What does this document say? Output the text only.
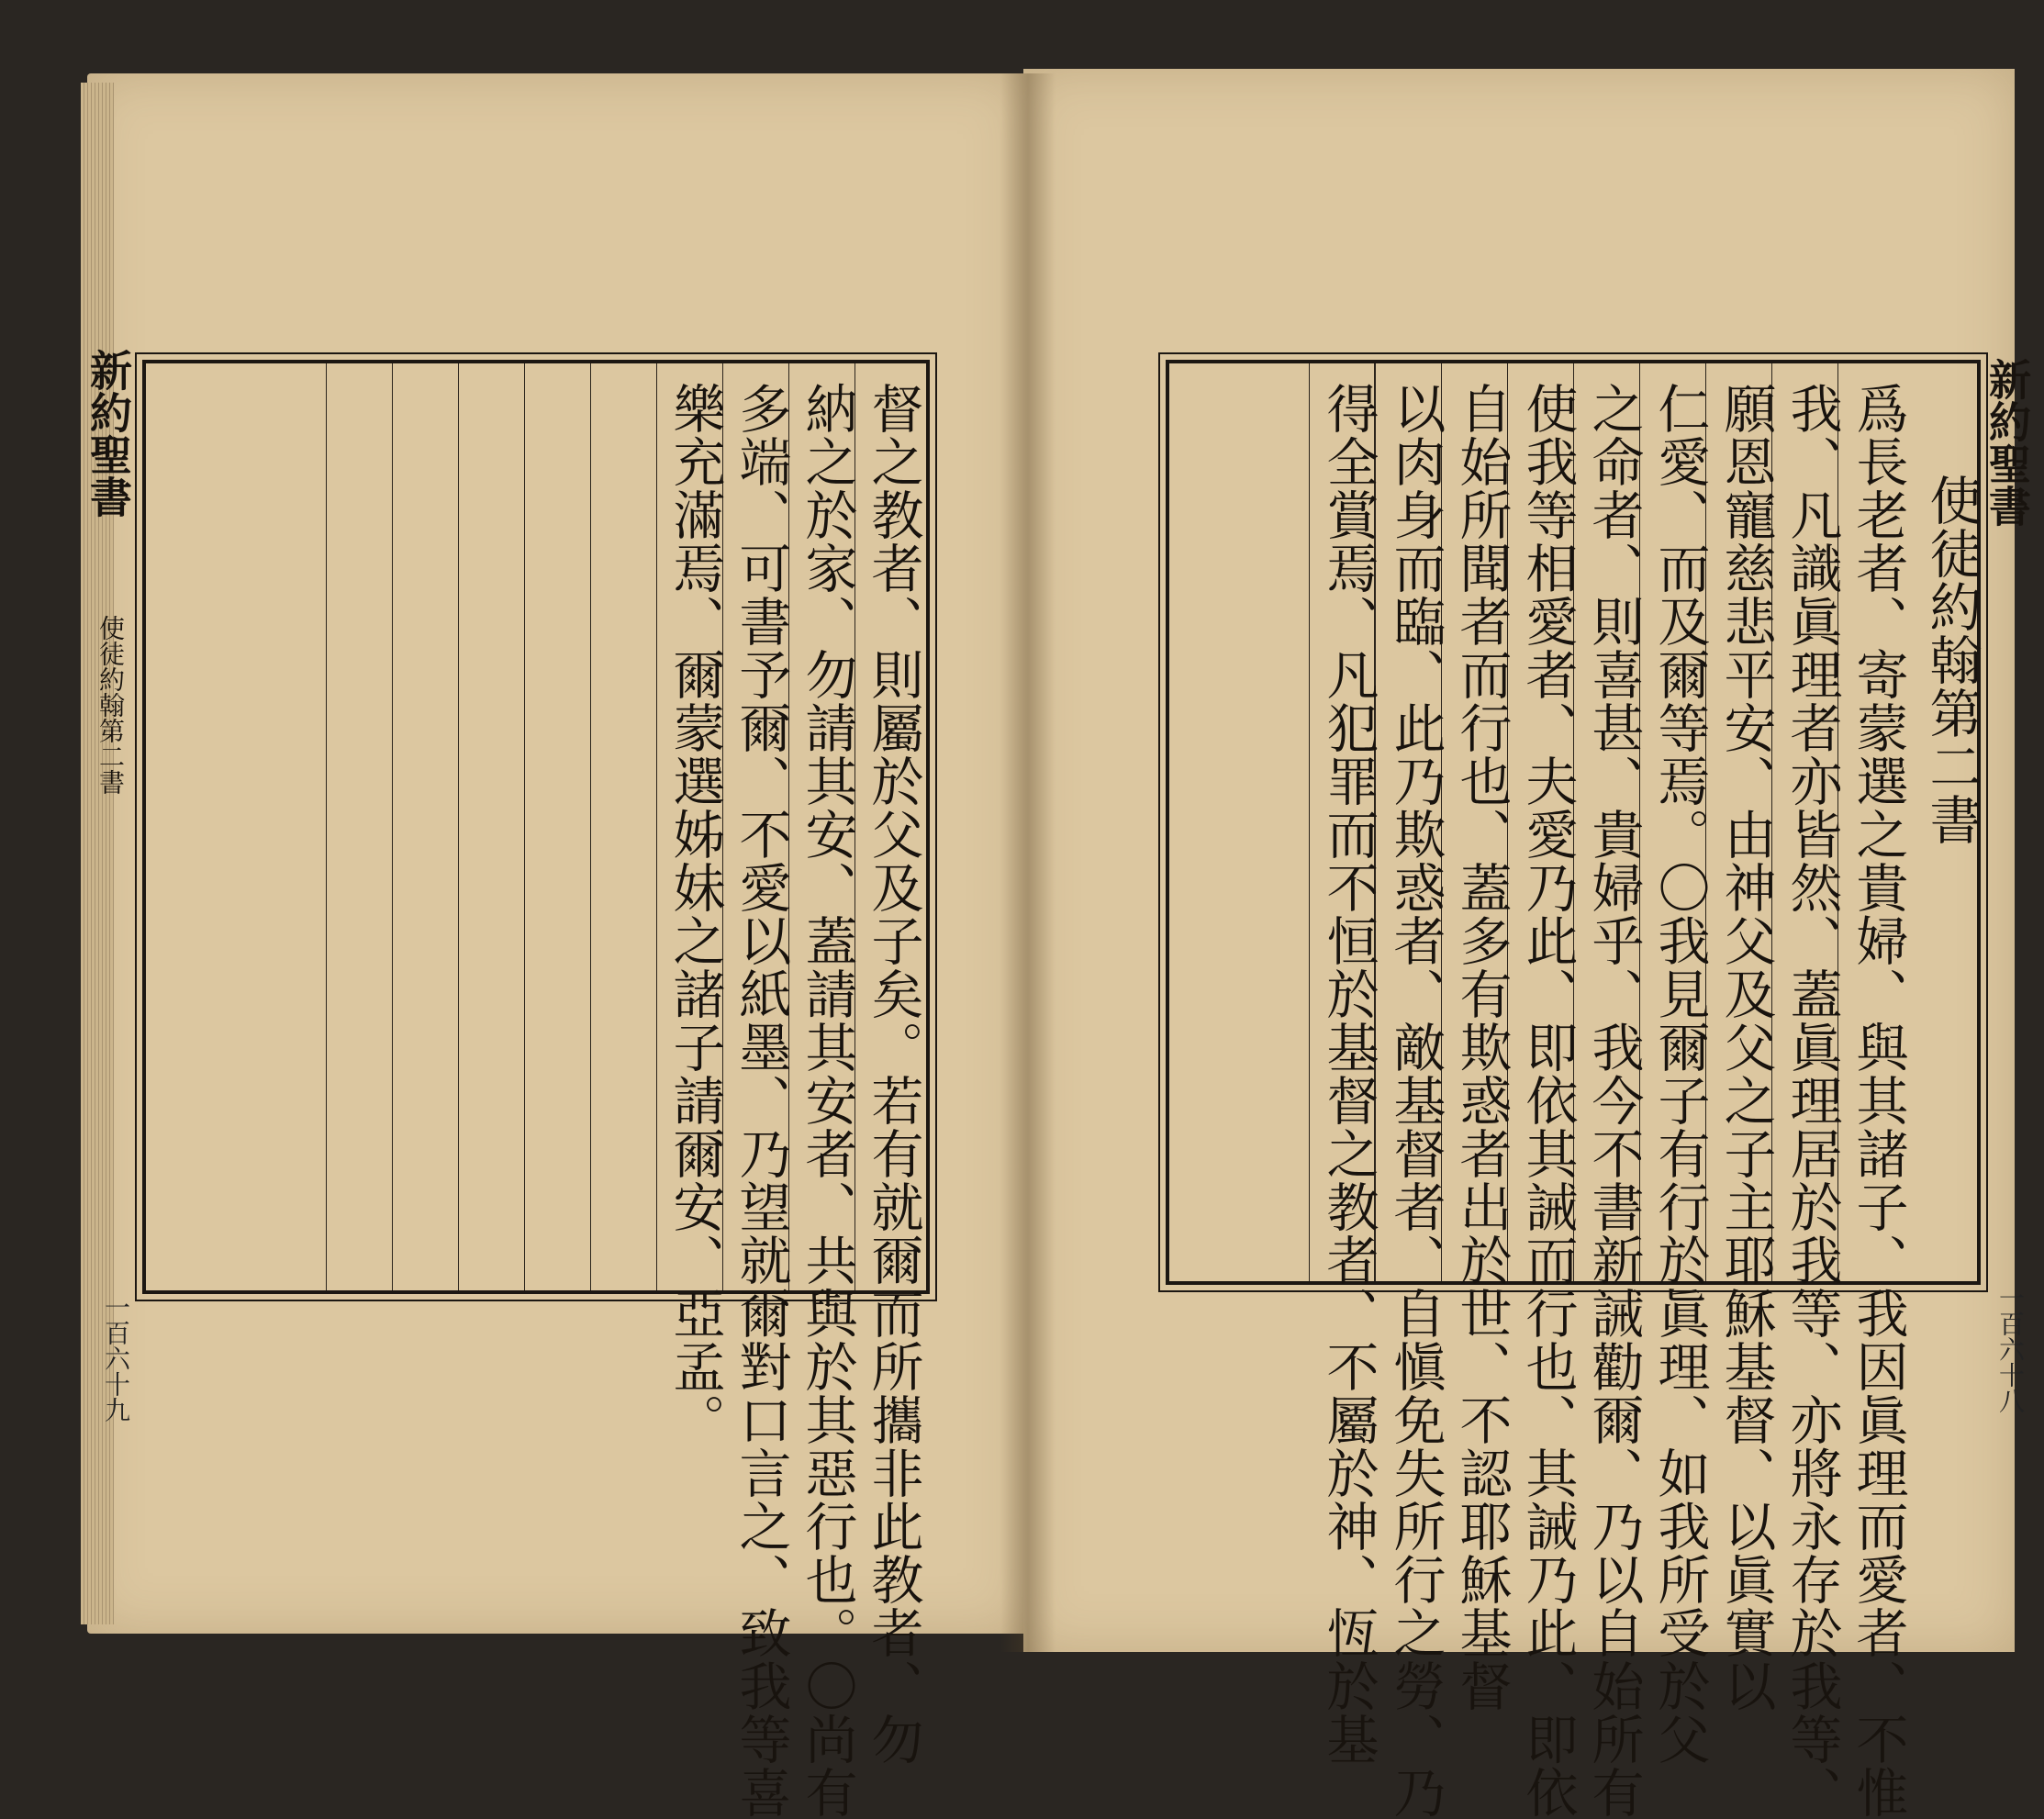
新約聖書
使徒約翰第二書
一百六十九	督之教者、則屬於父及子矣。若有就爾而所攜非此教者、勿
納之於家、勿請其安、蓋請其安者、共與於其惡行也。〇尚有
多端、可書予爾、不愛以紙墨、乃望就爾對口言之、致我等喜
樂充滿焉、爾蒙選姊妹之諸子請爾安、亞孟。	新約聖書
一百六十八
使徒約翰第二書
爲長老者、寄蒙選之貴婦、與其諸子、我因眞理而愛者、不惟
我、凡識眞理者亦皆然、蓋眞理居於我等、亦將永存於我等、
願恩寵慈悲平安、由神父及父之子主耶穌基督、以眞實以
仁愛、而及爾等焉。〇我見爾子有行於眞理、如我所受於父
之命者、則喜甚、貴婦乎、我今不書新誡勸爾、乃以自始所有
使我等相愛者、夫愛乃此、即依其誡而行也、其誡乃此、即依
自始所聞者而行也、蓋多有欺惑者出於世、不認耶穌基督
以肉身而臨、此乃欺惑者、敵基督者、自愼免失所行之勞、乃
得全賞焉、凡犯罪而不恒於基督之教者、不屬於神、恆於基
